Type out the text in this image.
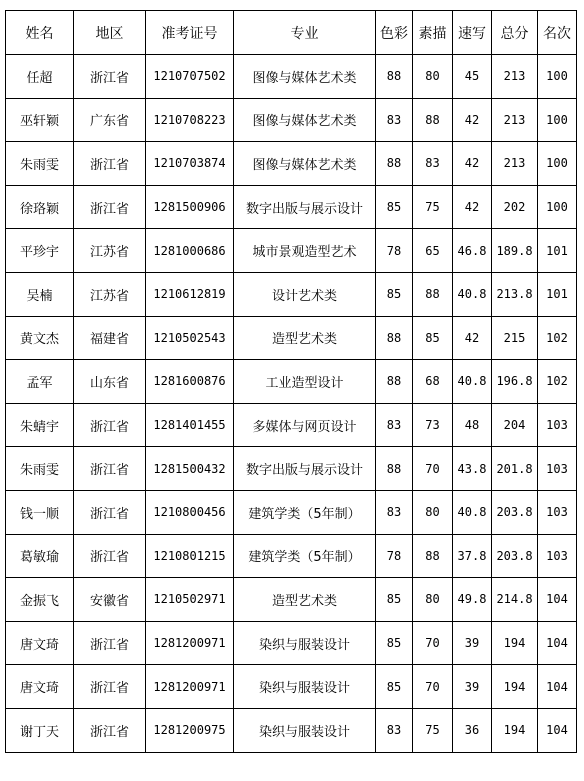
姓名	地区	准考证号	专业	色彩	素描	速写	总分	名次
任超	浙江省	1210707502	图像与媒体艺术类	88	80	45	213	100
巫轩颖	广东省	1210708223	图像与媒体艺术类	83	88	42	213	100
朱雨雯	浙江省	1210703874	图像与媒体艺术类	88	83	42	213	100
徐珞颖	浙江省	1281500906	数字出版与展示设计	85	75	42	202	100
平珍宇	江苏省	1281000686	城市景观造型艺术	78	65	46.8	189.8	101
吴楠	江苏省	1210612819	设计艺术类	85	88	40.8	213.8	101
黄文杰	福建省	1210502543	造型艺术类	88	85	42	215	102
孟军	山东省	1281600876	工业造型设计	88	68	40.8	196.8	102
朱蜻宇	浙江省	1281401455	多媒体与网页设计	83	73	48	204	103
朱雨雯	浙江省	1281500432	数字出版与展示设计	88	70	43.8	201.8	103
钱一顺	浙江省	1210800456	建筑学类（5年制）	83	80	40.8	203.8	103
葛敏瑜	浙江省	1210801215	建筑学类（5年制）	78	88	37.8	203.8	103
金振飞	安徽省	1210502971	造型艺术类	85	80	49.8	214.8	104
唐文琦	浙江省	1281200971	染织与服装设计	85	70	39	194	104
唐文琦	浙江省	1281200971	染织与服装设计	85	70	39	194	104
谢丁天	浙江省	1281200975	染织与服装设计	83	75	36	194	104
